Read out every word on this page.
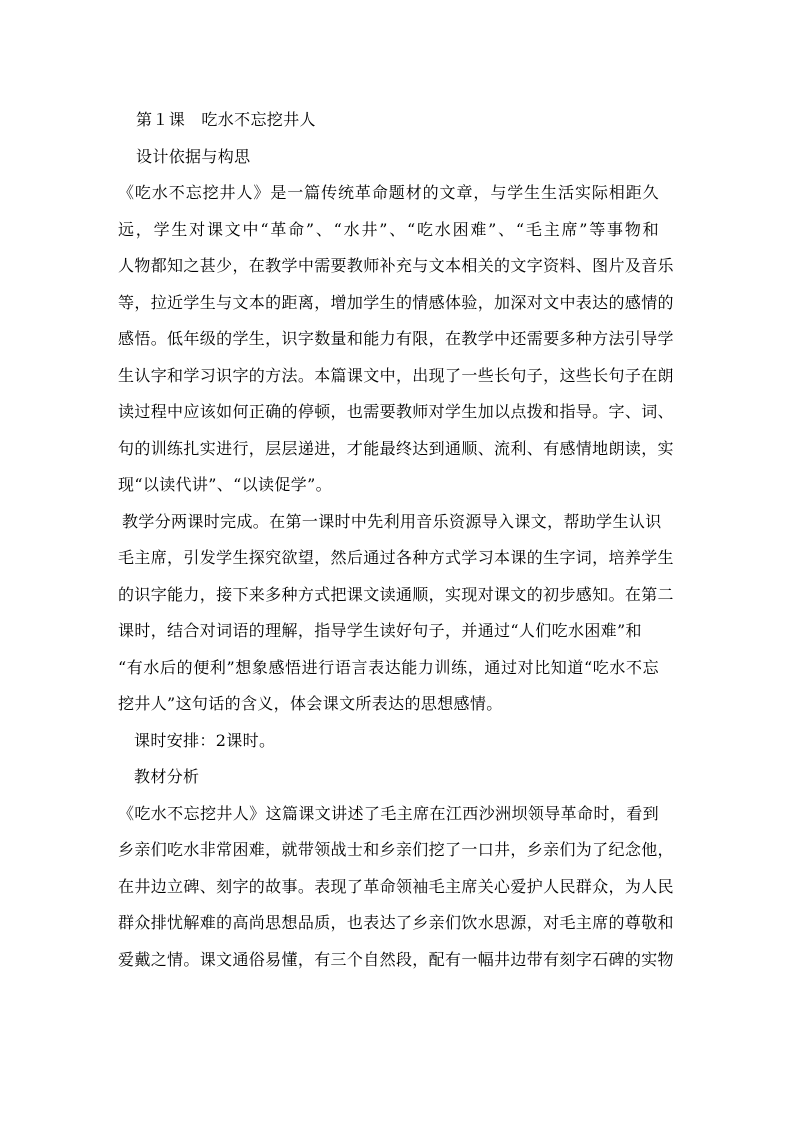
第１课　吃水不忘挖井人
设计依据与构思
《吃水不忘挖井人》是一篇传统革命题材的文章，与学生生活实际相距久
远，学生对课文中“革命”、“水井”、“吃水困难”、“毛主席”等事物和
人物都知之甚少，在教学中需要教师补充与文本相关的文字资料、图片及音乐
等，拉近学生与文本的距离，增加学生的情感体验，加深对文中表达的感情的
感悟。低年级的学生，识字数量和能力有限，在教学中还需要多种方法引导学
生认字和学习识字的方法。本篇课文中，出现了一些长句子，这些长句子在朗
读过程中应该如何正确的停顿，也需要教师对学生加以点拨和指导。字、词、
句的训练扎实进行，层层递进，才能最终达到通顺、流利、有感情地朗读，实
现“以读代讲”、“以读促学”。
教学分两课时完成。在第一课时中先利用音乐资源导入课文，帮助学生认识
毛主席，引发学生探究欲望，然后通过各种方式学习本课的生字词，培养学生
的识字能力，接下来多种方式把课文读通顺，实现对课文的初步感知。在第二
课时，结合对词语的理解，指导学生读好句子，并通过“人们吃水困难”和
“有水后的便利”想象感悟进行语言表达能力训练，通过对比知道“吃水不忘
挖井人”这句话的含义，体会课文所表达的思想感情。
课时安排：2课时。
教材分析
《吃水不忘挖井人》这篇课文讲述了毛主席在江西沙洲坝领导革命时，看到
乡亲们吃水非常困难，就带领战士和乡亲们挖了一口井，乡亲们为了纪念他，
在井边立碑、刻字的故事。表现了革命领袖毛主席关心爱护人民群众，为人民
群众排忧解难的高尚思想品质，也表达了乡亲们饮水思源，对毛主席的尊敬和
爱戴之情。课文通俗易懂，有三个自然段，配有一幅井边带有刻字石碑的实物
